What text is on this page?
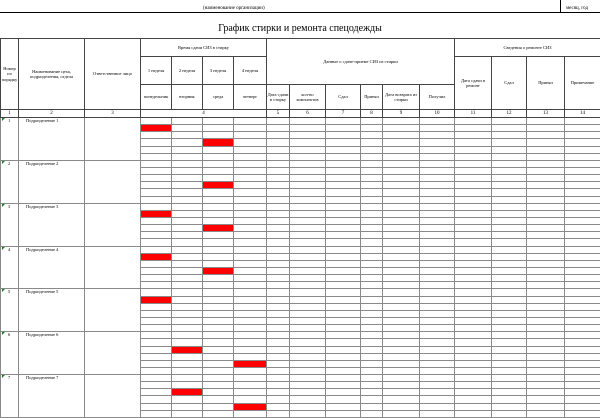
(наименование организации)	месяц, год
График стирки и ремонта спецодежды
Номер по порядку	Наименование цеха, подразделения, отдела	Ответственное лицо	Время сдачи СИЗ в стирку				Данные о сдаче-приеме СИЗ из стирки						Сведения о ремонте СИЗ			
			1 неделя	2 неделя	3 неделя	4 неделя							Дата сдачи в ремонт	Сдал	Принял	Примечание
			понедельник	вторник	среда	четверг	Дата сдачи в стирку	кол-во комплектов	Сдал	Принял	Дата возврата из стирки	Получил				
1	2	3	4				5	6	7	8	9	10	11	12	13	14

1	Подразделение 1															

2	Подразделение 2															

3	Подразделение 3															

4	Подразделение 4															

5	Подразделение 5															

6	Подразделение 6															

7	Подразделение 7															
